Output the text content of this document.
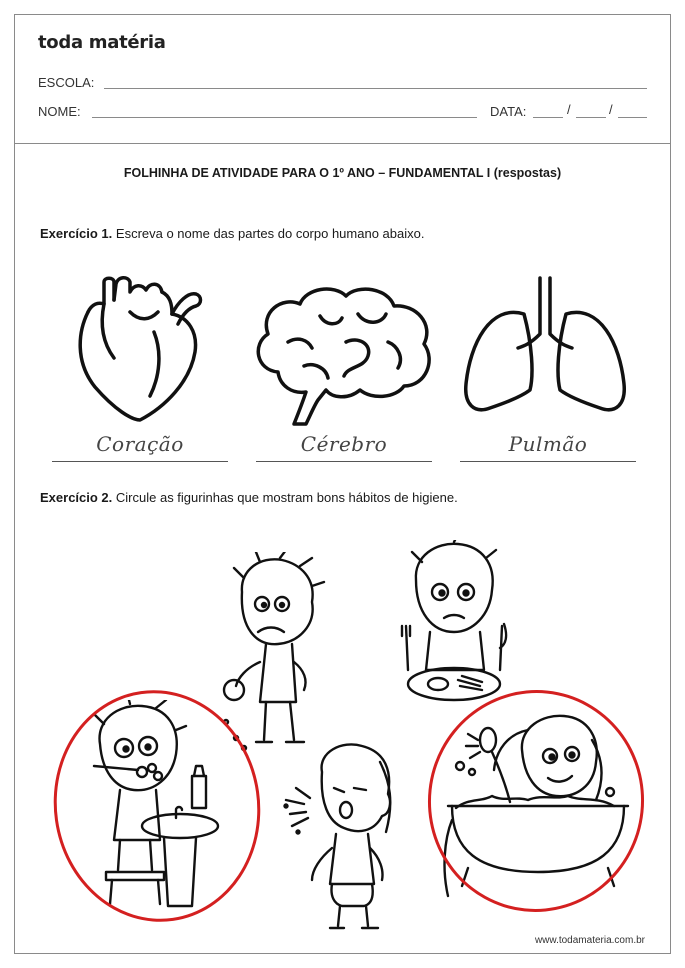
toda matéria
ESCOLA:
NOME:	DATA:	/	/
FOLHINHA DE ATIVIDADE PARA O 1º ANO – FUNDAMENTAL I (respostas)
Exercício 1. Escreva o nome das partes do corpo humano abaixo.
Coração	Cérebro	Pulmão
Exercício 2. Circule as figurinhas que mostram bons hábitos de higiene.
www.todamateria.com.br
